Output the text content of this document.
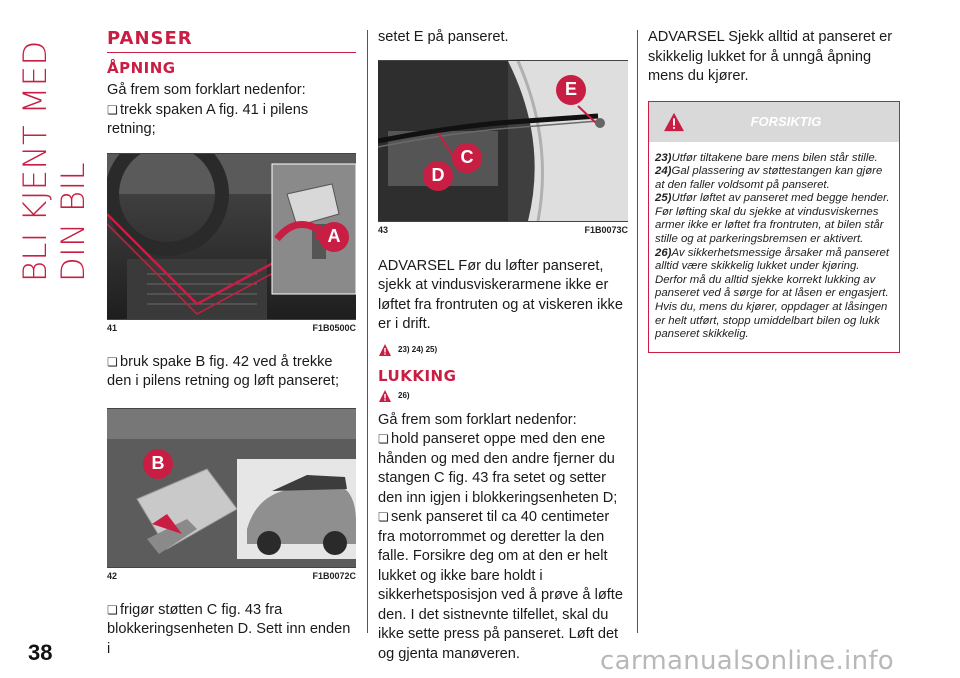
BLI KJENT MED DIN BIL
38	carmanualsonline.info
PANSER
ÅPNING

Gå frem som forklart nedenfor:

❏ trekk spaken A fig. 41 i pilens retning;

A
41	F1B0500C

❏ bruk spake B fig. 42 ved å trekke den i pilens retning og løft panseret;

B
42	F1B0072C

❏ frigør støtten C fig. 43 fra blokkeringsenheten D. Sett inn enden i

setet E på panseret.

E
C
D
43	F1B0073C

ADVARSEL Før du løfter panseret, sjekk at vindusviskerarmene ikke er løftet fra frontruten og at viskeren ikke er i drift.

23) 24) 25)
LUKKING
26)

Gå frem som forklart nedenfor:

❏ hold panseret oppe med den ene hånden og med den andre fjerner du stangen C fig. 43 fra setet og setter den inn igjen i blokkeringsenheten D;

❏ senk panseret til ca 40 centimeter fra motorrommet og deretter la den falle. Forsikre deg om at den er helt lukket og ikke bare holdt i sikkerhetsposisjon ved å prøve å løfte den. I det sistnevnte tilfellet, skal du ikke sette press på panseret. Løft det og gjenta manøveren.

ADVARSEL Sjekk alltid at panseret er skikkelig lukket for å unngå åpning mens du kjører.

FORSIKTIG
23)Utfør tiltakene bare mens bilen står stille.
24)Gal plassering av støttestangen kan gjøre at den faller voldsomt på panseret.
25)Utfør løftet av panseret med begge hender. Før løfting skal du sjekke at vindusviskernes armer ikke er løftet fra frontruten, at bilen står stille og at parkeringsbremsen er aktivert.
26)Av sikkerhetsmessige årsaker må panseret alltid være skikkelig lukket under kjøring. Derfor må du alltid sjekke korrekt lukking av panseret ved å sørge for at låsen er engasjert. Hvis du, mens du kjører, oppdager at låsingen er helt utført, stopp umiddelbart bilen og lukk panseret skikkelig.
